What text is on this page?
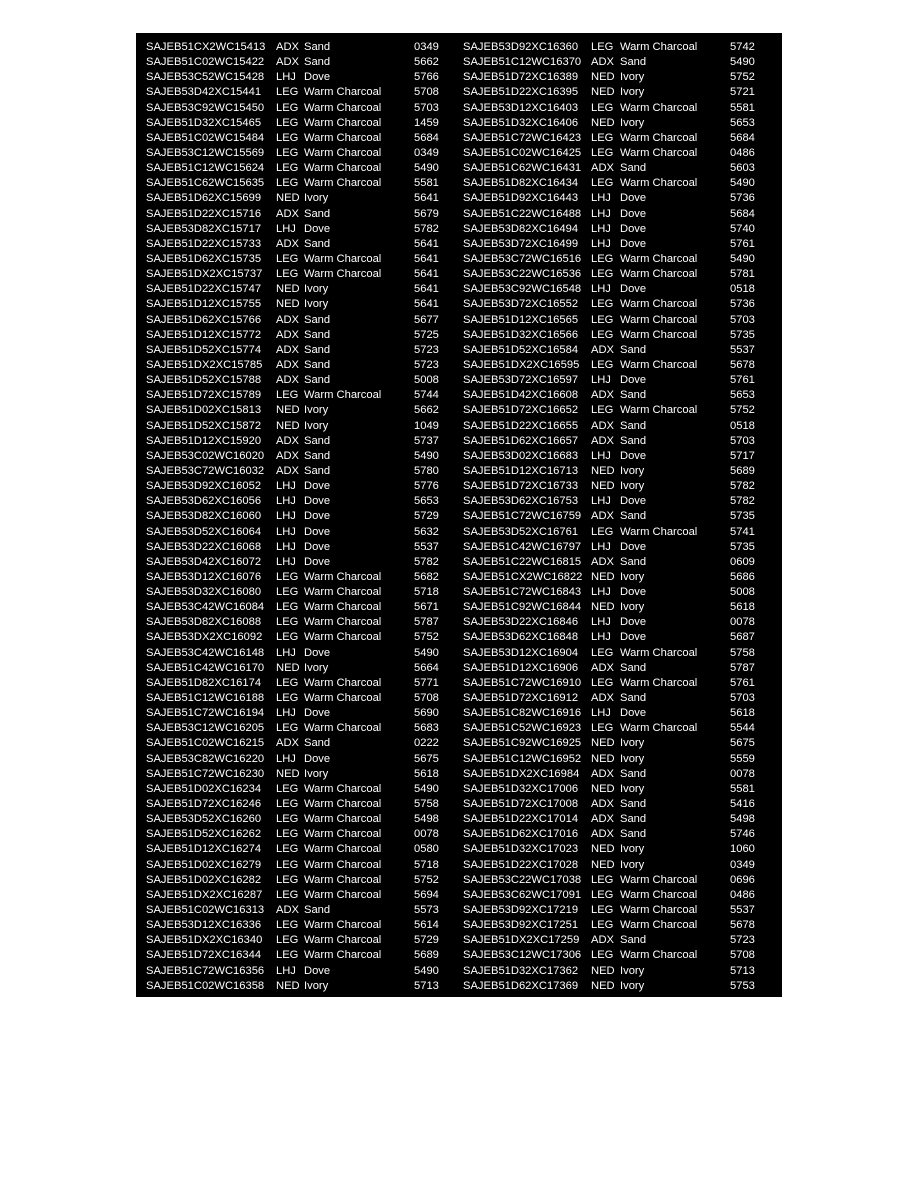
SAJEB51CX2WC15413 ADX Sand	0349
SAJEB51C02WC15422 ADX Sand	5662
SAJEB53C52WC15428 LHJ Dove	5766
SAJEB53D42XC15441 LEG Warm Charcoal	5708
SAJEB53C92WC15450 LEG Warm Charcoal	5703
SAJEB51D32XC15465 LEG Warm Charcoal	1459
SAJEB51C02WC15484 LEG Warm Charcoal	5684
SAJEB53C12WC15569 LEG Warm Charcoal	0349
SAJEB51C12WC15624 LEG Warm Charcoal	5490
SAJEB51C62WC15635 LEG Warm Charcoal	5581
SAJEB51D62XC15699 NED Ivory	5641
SAJEB51D22XC15716 ADX Sand	5679
SAJEB53D82XC15717 LHJ Dove	5782
SAJEB51D22XC15733 ADX Sand	5641
SAJEB51D62XC15735 LEG Warm Charcoal	5641
SAJEB51DX2XC15737 LEG Warm Charcoal	5641
SAJEB51D22XC15747 NED Ivory	5641
SAJEB51D12XC15755 NED Ivory	5641
SAJEB51D62XC15766 ADX Sand	5677
SAJEB51D12XC15772 ADX Sand	5725
SAJEB51D52XC15774 ADX Sand	5723
SAJEB51DX2XC15785 ADX Sand	5723
SAJEB51D52XC15788 ADX Sand	5008
SAJEB51D72XC15789 LEG Warm Charcoal	5744
SAJEB51D02XC15813 NED Ivory	5662
SAJEB51D52XC15872 NED Ivory	1049
SAJEB51D12XC15920 ADX Sand	5737
SAJEB53C02WC16020 ADX Sand	5490
SAJEB53C72WC16032 ADX Sand	5780
SAJEB53D92XC16052 LHJ Dove	5776
SAJEB53D62XC16056 LHJ Dove	5653
SAJEB53D82XC16060 LHJ Dove	5729
SAJEB53D52XC16064 LHJ Dove	5632
SAJEB53D22XC16068 LHJ Dove	5537
SAJEB53D42XC16072 LHJ Dove	5782
SAJEB53D12XC16076 LEG Warm Charcoal	5682
SAJEB53D32XC16080 LEG Warm Charcoal	5718
SAJEB53C42WC16084 LEG Warm Charcoal	5671
SAJEB53D82XC16088 LEG Warm Charcoal	5787
SAJEB53DX2XC16092 LEG Warm Charcoal	5752
SAJEB53C42WC16148 LHJ Dove	5490
SAJEB51C42WC16170 NED Ivory	5664
SAJEB51D82XC16174 LEG Warm Charcoal	5771
SAJEB51C12WC16188 LEG Warm Charcoal	5708
SAJEB51C72WC16194 LHJ Dove	5690
SAJEB53C12WC16205 LEG Warm Charcoal	5683
SAJEB51C02WC16215 ADX Sand	0222
SAJEB53C82WC16220 LHJ Dove	5675
SAJEB51C72WC16230 NED Ivory	5618
SAJEB51D02XC16234 LEG Warm Charcoal	5490
SAJEB51D72XC16246 LEG Warm Charcoal	5758
SAJEB53D52XC16260 LEG Warm Charcoal	5498
SAJEB51D52XC16262 LEG Warm Charcoal	0078
SAJEB51D12XC16274 LEG Warm Charcoal	0580
SAJEB51D02XC16279 LEG Warm Charcoal	5718
SAJEB51D02XC16282 LEG Warm Charcoal	5752
SAJEB51DX2XC16287 LEG Warm Charcoal	5694
SAJEB51C02WC16313 ADX Sand	5573
SAJEB53D12XC16336 LEG Warm Charcoal	5614
SAJEB51DX2XC16340 LEG Warm Charcoal	5729
SAJEB51D72XC16344 LEG Warm Charcoal	5689
SAJEB51C72WC16356 LHJ Dove	5490
SAJEB51C02WC16358 NED Ivory	5713
SAJEB53D92XC16360 LEG Warm Charcoal	5742
SAJEB51C12WC16370 ADX Sand	5490
SAJEB51D72XC16389 NED Ivory	5752
SAJEB51D22XC16395 NED Ivory	5721
SAJEB53D12XC16403 LEG Warm Charcoal	5581
SAJEB51D32XC16406 NED Ivory	5653
SAJEB51C72WC16423 LEG Warm Charcoal	5684
SAJEB51C02WC16425 LEG Warm Charcoal	0486
SAJEB51C62WC16431 ADX Sand	5603
SAJEB51D82XC16434 LEG Warm Charcoal	5490
SAJEB51D92XC16443 LHJ Dove	5736
SAJEB51C22WC16488 LHJ Dove	5684
SAJEB53D82XC16494 LHJ Dove	5740
SAJEB53D72XC16499 LHJ Dove	5761
SAJEB53C72WC16516 LEG Warm Charcoal	5490
SAJEB53C22WC16536 LEG Warm Charcoal	5781
SAJEB53C92WC16548 LHJ Dove	0518
SAJEB53D72XC16552 LEG Warm Charcoal	5736
SAJEB51D12XC16565 LEG Warm Charcoal	5703
SAJEB51D32XC16566 LEG Warm Charcoal	5735
SAJEB51D52XC16584 ADX Sand	5537
SAJEB51DX2XC16595 LEG Warm Charcoal	5678
SAJEB53D72XC16597 LHJ Dove	5761
SAJEB51D42XC16608 ADX Sand	5653
SAJEB51D72XC16652 LEG Warm Charcoal	5752
SAJEB51D22XC16655 ADX Sand	0518
SAJEB51D62XC16657 ADX Sand	5703
SAJEB53D02XC16683 LHJ Dove	5717
SAJEB51D12XC16713 NED Ivory	5689
SAJEB51D72XC16733 NED Ivory	5782
SAJEB53D62XC16753 LHJ Dove	5782
SAJEB51C72WC16759 ADX Sand	5735
SAJEB53D52XC16761 LEG Warm Charcoal	5741
SAJEB51C42WC16797 LHJ Dove	5735
SAJEB51C22WC16815 ADX Sand	0609
SAJEB51CX2WC16822 NED Ivory	5686
SAJEB51C72WC16843 LHJ Dove	5008
SAJEB51C92WC16844 NED Ivory	5618
SAJEB53D22XC16846 LHJ Dove	0078
SAJEB53D62XC16848 LHJ Dove	5687
SAJEB53D12XC16904 LEG Warm Charcoal	5758
SAJEB51D12XC16906 ADX Sand	5787
SAJEB51C72WC16910 LEG Warm Charcoal	5761
SAJEB51D72XC16912 ADX Sand	5703
SAJEB51C82WC16916 LHJ Dove	5618
SAJEB51C52WC16923 LEG Warm Charcoal	5544
SAJEB51C92WC16925 NED Ivory	5675
SAJEB51C12WC16952 NED Ivory	5559
SAJEB51DX2XC16984 ADX Sand	0078
SAJEB51D32XC17006 NED Ivory	5581
SAJEB51D72XC17008 ADX Sand	5416
SAJEB51D22XC17014 ADX Sand	5498
SAJEB51D62XC17016 ADX Sand	5746
SAJEB51D32XC17023 NED Ivory	1060
SAJEB51D22XC17028 NED Ivory	0349
SAJEB53C22WC17038 LEG Warm Charcoal	0696
SAJEB53C62WC17091 LEG Warm Charcoal	0486
SAJEB53D92XC17219 LEG Warm Charcoal	5537
SAJEB53D92XC17251 LEG Warm Charcoal	5678
SAJEB51DX2XC17259 ADX Sand	5723
SAJEB53C12WC17306 LEG Warm Charcoal	5708
SAJEB51D32XC17362 NED Ivory	5713
SAJEB51D62XC17369 NED Ivory	5753
